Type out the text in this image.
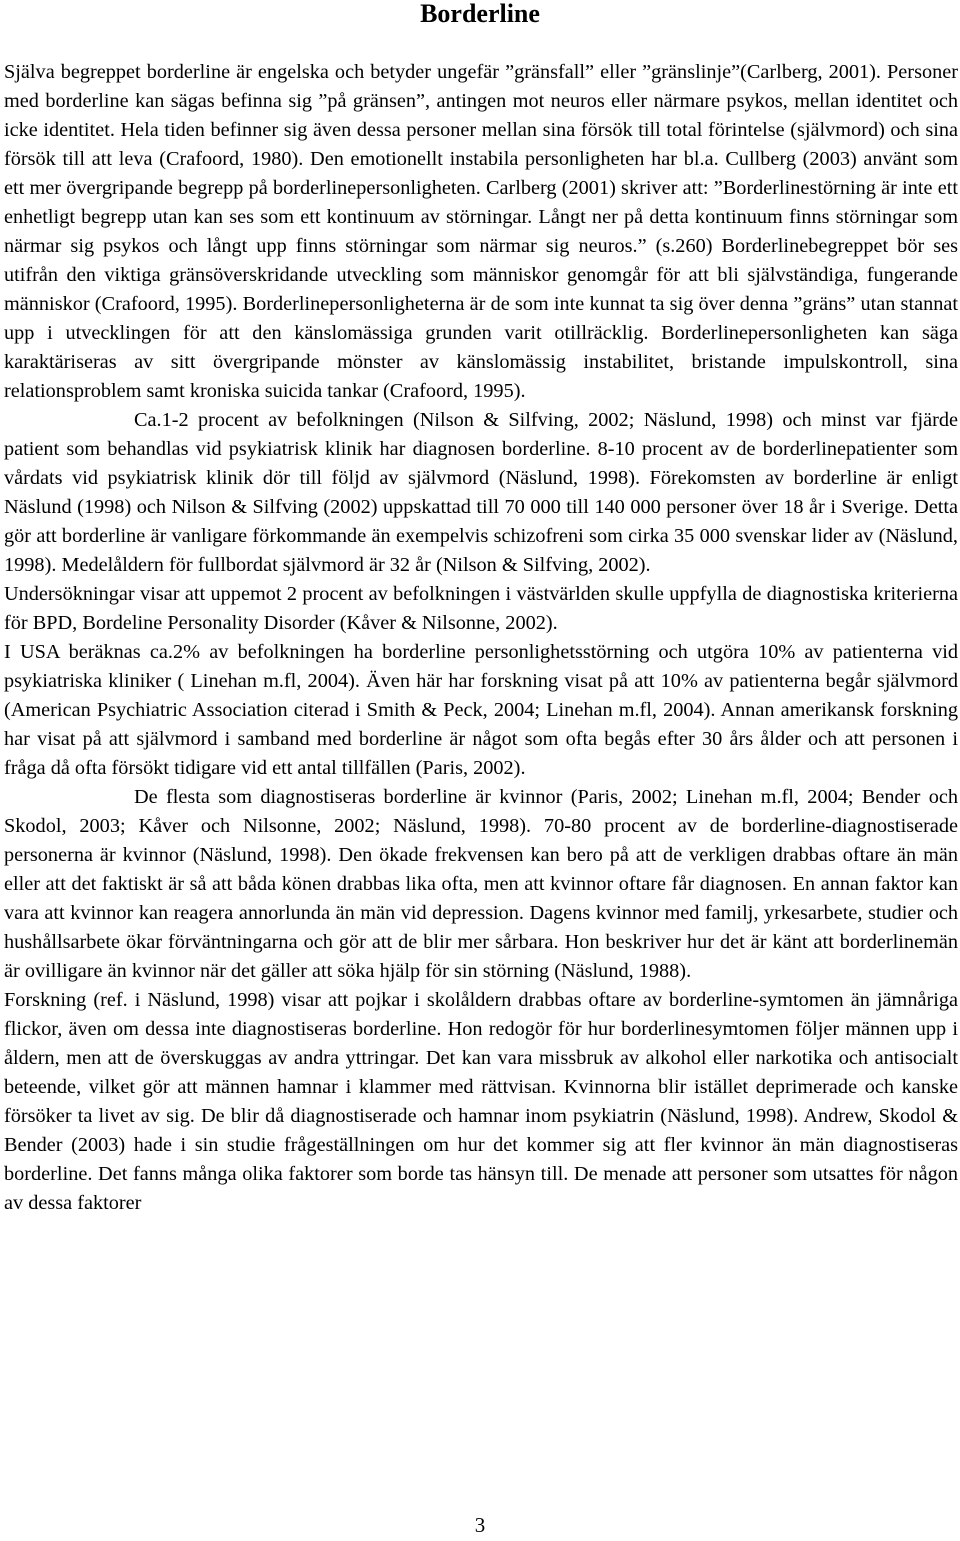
Borderline

Själva begreppet borderline är engelska och betyder ungefär ”gränsfall” eller ”gränslinje”(Carlberg, 2001). Personer med borderline kan sägas befinna sig ”på gränsen”, antingen mot neuros eller närmare psykos, mellan identitet och icke identitet. Hela tiden befinner sig även dessa personer mellan sina försök till total förintelse (självmord) och sina försök till att leva (Crafoord, 1980). Den emotionellt instabila personligheten har bl.a. Cullberg (2003) använt som ett mer övergripande begrepp på borderlinepersonligheten. Carlberg (2001) skriver att: ”Borderlinestörning är inte ett enhetligt begrepp utan kan ses som ett kontinuum av störningar. Långt ner på detta kontinuum finns störningar som närmar sig psykos och långt upp finns störningar som närmar sig neuros.” (s.260) Borderlinebegreppet bör ses utifrån den viktiga gränsöverskridande utveckling som människor genomgår för att bli självständiga, fungerande människor (Crafoord, 1995). Borderlinepersonligheterna är de som inte kunnat ta sig över denna ”gräns” utan stannat upp i utvecklingen för att den känslomässiga grunden varit otillräcklig. Borderlinepersonligheten kan säga karaktäriseras av sitt övergripande mönster av känslomässig instabilitet, bristande impulskontroll, sina relationsproblem samt kroniska suicida tankar (Crafoord, 1995).

Ca.1-2 procent av befolkningen (Nilson & Silfving, 2002; Näslund, 1998) och minst var fjärde patient som behandlas vid psykiatrisk klinik har diagnosen borderline. 8-10 procent av de borderlinepatienter som vårdats vid psykiatrisk klinik dör till följd av självmord (Näslund, 1998). Förekomsten av borderline är enligt Näslund (1998) och Nilson & Silfving (2002) uppskattad till 70 000 till 140 000 personer över 18 år i Sverige. Detta gör att borderline är vanligare förkommande än exempelvis schizofreni som cirka 35 000 svenskar lider av (Näslund, 1998). Medelåldern för fullbordat självmord är 32 år (Nilson & Silfving, 2002).

Undersökningar visar att uppemot 2 procent av befolkningen i västvärlden skulle uppfylla de diagnostiska kriterierna för BPD, Bordeline Personality Disorder (Kåver & Nilsonne, 2002).

I USA beräknas ca.2% av befolkningen ha borderline personlighetsstörning och utgöra 10% av patienterna vid psykiatriska kliniker ( Linehan m.fl, 2004). Även här har forskning visat på att 10% av patienterna begår självmord (American Psychiatric Association citerad i Smith & Peck, 2004; Linehan m.fl, 2004). Annan amerikansk forskning har visat på att självmord i samband med borderline är något som ofta begås efter 30 års ålder och att personen i fråga då ofta försökt tidigare vid ett antal tillfällen (Paris, 2002).

De flesta som diagnostiseras borderline är kvinnor (Paris, 2002; Linehan m.fl, 2004; Bender och Skodol, 2003; Kåver och Nilsonne, 2002; Näslund, 1998). 70-80 procent av de borderline-diagnostiserade personerna är kvinnor (Näslund, 1998). Den ökade frekvensen kan bero på att de verkligen drabbas oftare än män eller att det faktiskt är så att båda könen drabbas lika ofta, men att kvinnor oftare får diagnosen. En annan faktor kan vara att kvinnor kan reagera annorlunda än män vid depression. Dagens kvinnor med familj, yrkesarbete, studier och hushållsarbete ökar förväntningarna och gör att de blir mer sårbara. Hon beskriver hur det är känt att borderlinemän är ovilligare än kvinnor när det gäller att söka hjälp för sin störning (Näslund, 1988).

Forskning (ref. i Näslund, 1998) visar att pojkar i skolåldern drabbas oftare av borderline-symtomen än jämnåriga flickor, även om dessa inte diagnostiseras borderline. Hon redogör för hur borderlinesymtomen följer männen upp i åldern, men att de överskuggas av andra yttringar. Det kan vara missbruk av alkohol eller narkotika och antisocialt beteende, vilket gör att männen hamnar i klammer med rättvisan. Kvinnorna blir istället deprimerade och kanske försöker ta livet av sig. De blir då diagnostiserade och hamnar inom psykiatrin (Näslund, 1998). Andrew, Skodol & Bender (2003) hade i sin studie frågeställningen om hur det kommer sig att fler kvinnor än män diagnostiseras borderline. Det fanns många olika faktorer som borde tas hänsyn till. De menade att personer som utsattes för någon av dessa faktorer

3
